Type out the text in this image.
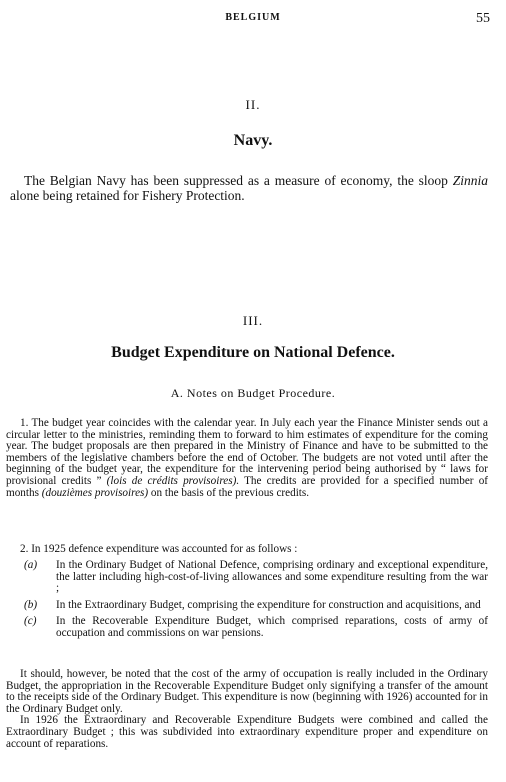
BELGIUM	55
II.
Navy.

The Belgian Navy has been suppressed as a measure of economy, the sloop Zinnia alone being retained for Fishery Protection.

III.
Budget Expenditure on National Defence.
A. Notes on Budget Procedure.

1. The budget year coincides with the calendar year. In July each year the Finance Minister sends out a circular letter to the ministries, reminding them to forward to him estimates of expenditure for the coming year. The budget proposals are then prepared in the Ministry of Finance and have to be submitted to the members of the legislative chambers before the end of October. The budgets are not voted until after the beginning of the budget year, the expenditure for the intervening period being authorised by “ laws for provisional credits ” (lois de crédits provisoires). The credits are provided for a specified number of months (douzièmes provisoires) on the basis of the previous credits.

2. In 1925 defence expenditure was accounted for as follows :

(a)	In the Ordinary Budget of National Defence, comprising ordinary and exceptional expenditure, the latter including high-cost-of-living allowances and some expenditure resulting from the war ;
(b)	In the Extraordinary Budget, comprising the expenditure for construction and acquisitions, and
(c)	In the Recoverable Expenditure Budget, which comprised reparations, costs of army of occupation and commissions on war pensions.

It should, however, be noted that the cost of the army of occupation is really included in the Ordinary Budget, the appropriation in the Recoverable Expenditure Budget only signifying a transfer of the amount to the receipts side of the Ordinary Budget. This expenditure is now (beginning with 1926) accounted for in the Ordinary Budget only.

In 1926 the Extraordinary and Recoverable Expenditure Budgets were combined and called the Extraordinary Budget ; this was subdivided into extraordinary expenditure proper and expenditure on account of reparations.
